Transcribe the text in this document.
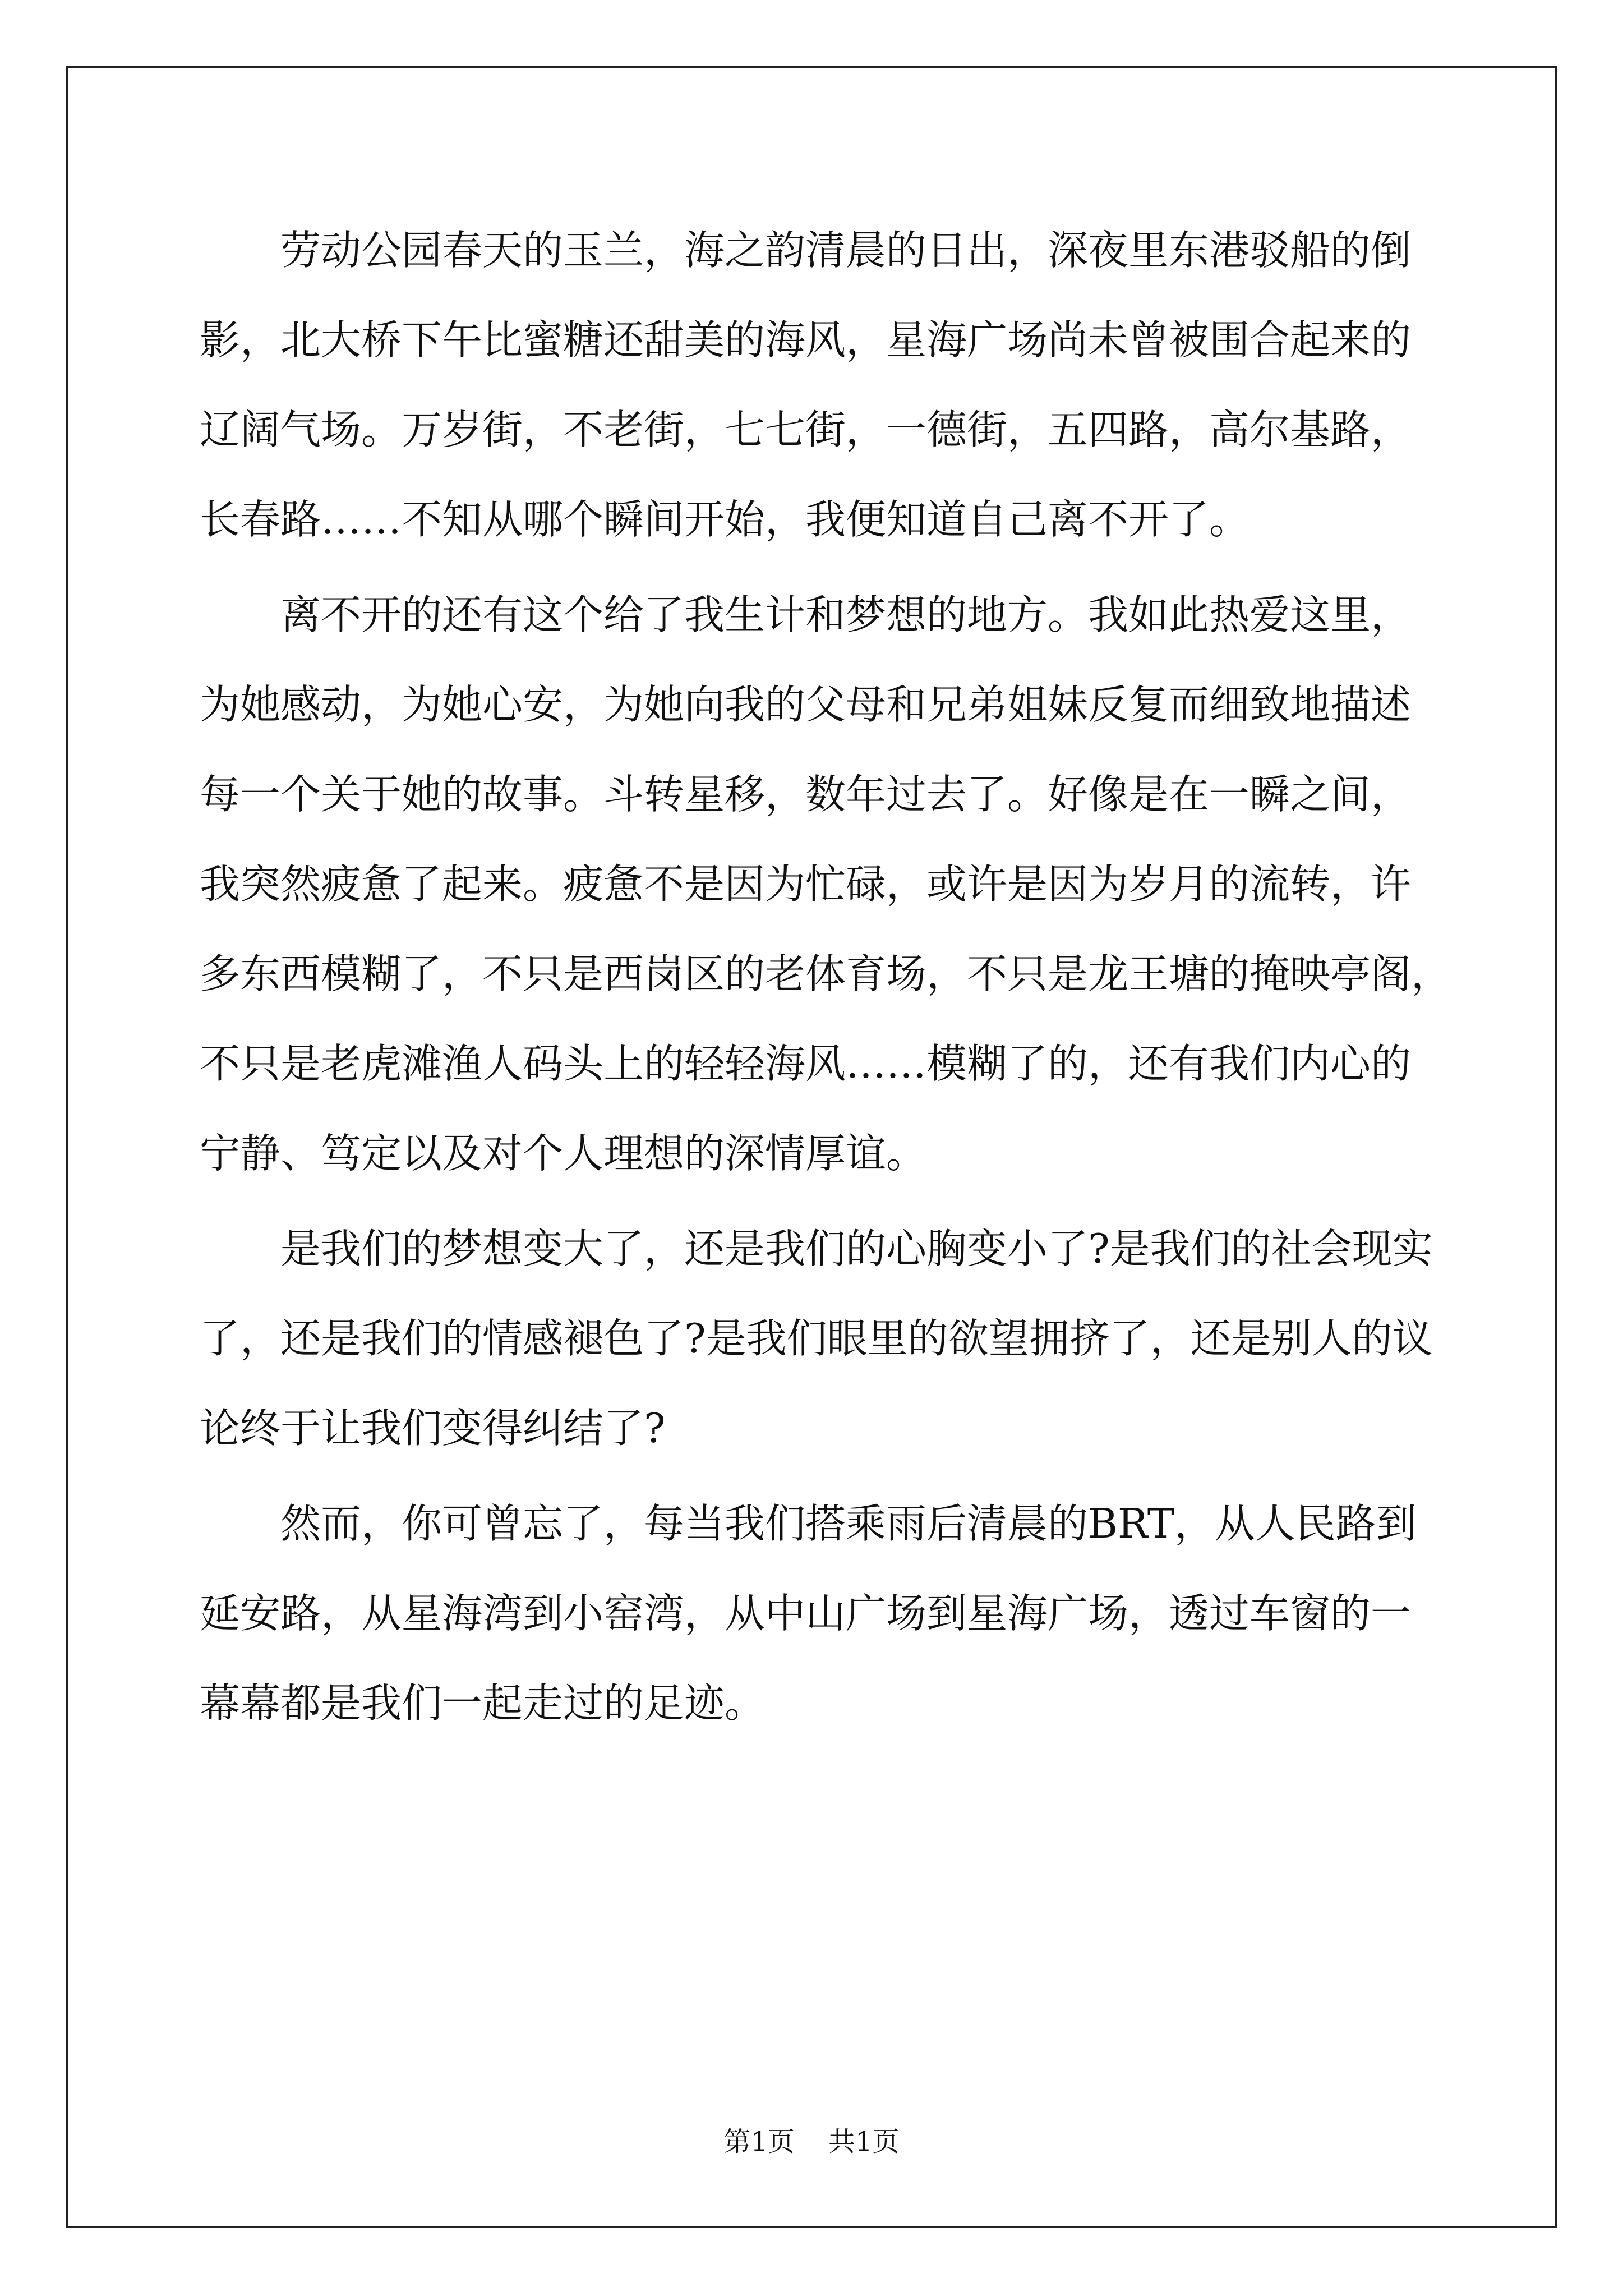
劳动公园春天的玉兰，海之韵清晨的日出，深夜里东港驳船的倒
影，北大桥下午比蜜糖还甜美的海风，星海广场尚未曾被围合起来的
辽阔气场。万岁街，不老街，七七街，一德街，五四路，高尔基路，
长春路……不知从哪个瞬间开始，我便知道自己离不开了。
离不开的还有这个给了我生计和梦想的地方。我如此热爱这里，
为她感动，为她心安，为她向我的父母和兄弟姐妹反复而细致地描述
每一个关于她的故事。斗转星移，数年过去了。好像是在一瞬之间，
我突然疲惫了起来。疲惫不是因为忙碌，或许是因为岁月的流转，许
多东西模糊了，不只是西岗区的老体育场，不只是龙王塘的掩映亭阁，
不只是老虎滩渔人码头上的轻轻海风……模糊了的，还有我们内心的
宁静、笃定以及对个人理想的深情厚谊。
是我们的梦想变大了，还是我们的心胸变小了?是我们的社会现实
了，还是我们的情感褪色了?是我们眼里的欲望拥挤了，还是别人的议
论终于让我们变得纠结了?
然而，你可曾忘了，每当我们搭乘雨后清晨的BRT，从人民路到
延安路，从星海湾到小窑湾，从中山广场到星海广场，透过车窗的一
幕幕都是我们一起走过的足迹。
第1页 共1页
